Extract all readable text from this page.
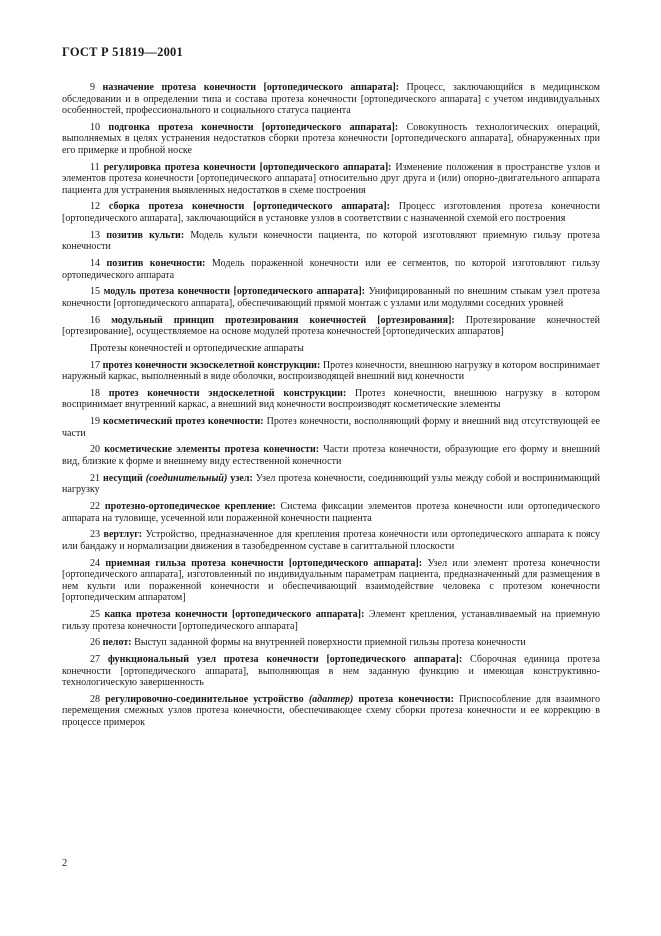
ГОСТ Р 51819—2001

9 назначение протеза конечности [ортопедического аппарата]: Процесс, заключающийся в медицинском обследовании и в определении типа и состава протеза конечности [ортопедического аппарата] с учетом индивидуальных особенностей, профессионального и социального статуса пациента

10 подгонка протеза конечности [ортопедического аппарата]: Совокупность технологических операций, выполняемых в целях устранения недостатков сборки протеза конечности [ортопедического аппарата], обнаруженных при его примерке и пробной носке

11 регулировка протеза конечности [ортопедического аппарата]: Изменение положения в пространстве узлов и элементов протеза конечности [ортопедического аппарата] относительно друг друга и (или) опорно-двигательного аппарата пациента для устранения выявленных недостатков в схеме построения

12 сборка протеза конечности [ортопедического аппарата]: Процесс изготовления протеза конечности [ортопедического аппарата], заключающийся в установке узлов в соответствии с назначенной схемой его построения

13 позитив культи: Модель культи конечности пациента, по которой изготовляют приемную гильзу протеза конечности

14 позитив конечности: Модель пораженной конечности или ее сегментов, по которой изготовляют гильзу ортопедического аппарата

15 модуль протеза конечности [ортопедического аппарата]: Унифицированный по внешним стыкам узел протеза конечности [ортопедического аппарата], обеспечивающий прямой монтаж с узлами или модулями соседних уровней

16 модульный принцип протезирования конечностей [ортезирования]: Протезирование конечностей [ортезирование], осуществляемое на основе модулей протеза конечностей [ортопедических аппаратов]

Протезы конечностей и ортопедические аппараты

17 протез конечности экзоскелетной конструкции: Протез конечности, внешнюю нагрузку в котором воспринимает наружный каркас, выполненный в виде оболочки, воспроизводящей внешний вид конечности

18 протез конечности эндоскелетной конструкции: Протез конечности, внешнюю нагрузку в котором воспринимает внутренний каркас, а внешний вид конечности воспроизводят косметические элементы

19 косметический протез конечности: Протез конечности, восполняющий форму и внешний вид отсутствующей ее части

20 косметические элементы протеза конечности: Части протеза конечности, образующие его форму и внешний вид, близкие к форме и внешнему виду естественной конечности

21 несущий (соединительный) узел: Узел протеза конечности, соединяющий узлы между собой и воспринимающий нагрузку

22 протезно-ортопедическое крепление: Система фиксации элементов протеза конечности или ортопедического аппарата на туловище, усеченной или пораженной конечности пациента

23 вертлуг: Устройство, предназначенное для крепления протеза конечности или ортопедического аппарата к поясу или бандажу и нормализации движения в тазобедренном суставе в сагиттальной плоскости

24 приемная гильза протеза конечности [ортопедического аппарата]: Узел или элемент протеза конечности [ортопедического аппарата], изготовленный по индивидуальным параметрам пациента, предназначенный для размещения в нем культи или пораженной конечности и обеспечивающий взаимодействие человека с протезом конечности [ортопедическим аппаратом]

25 капка протеза конечности [ортопедического аппарата]: Элемент крепления, устанавливаемый на приемную гильзу протеза конечности [ортопедического аппарата]

26 пелот: Выступ заданной формы на внутренней поверхности приемной гильзы протеза конечности

27 функциональный узел протеза конечности [ортопедического аппарата]: Сборочная единица протеза конечности [ортопедического аппарата], выполняющая в нем заданную функцию и имеющая конструктивно-технологическую завершенность

28 регулировочно-соединительное устройство (адаптер) протеза конечности: Приспособление для взаимного перемещения смежных узлов протеза конечности, обеспечивающее схему сборки протеза конечности и ее коррекцию в процессе примерок

2
